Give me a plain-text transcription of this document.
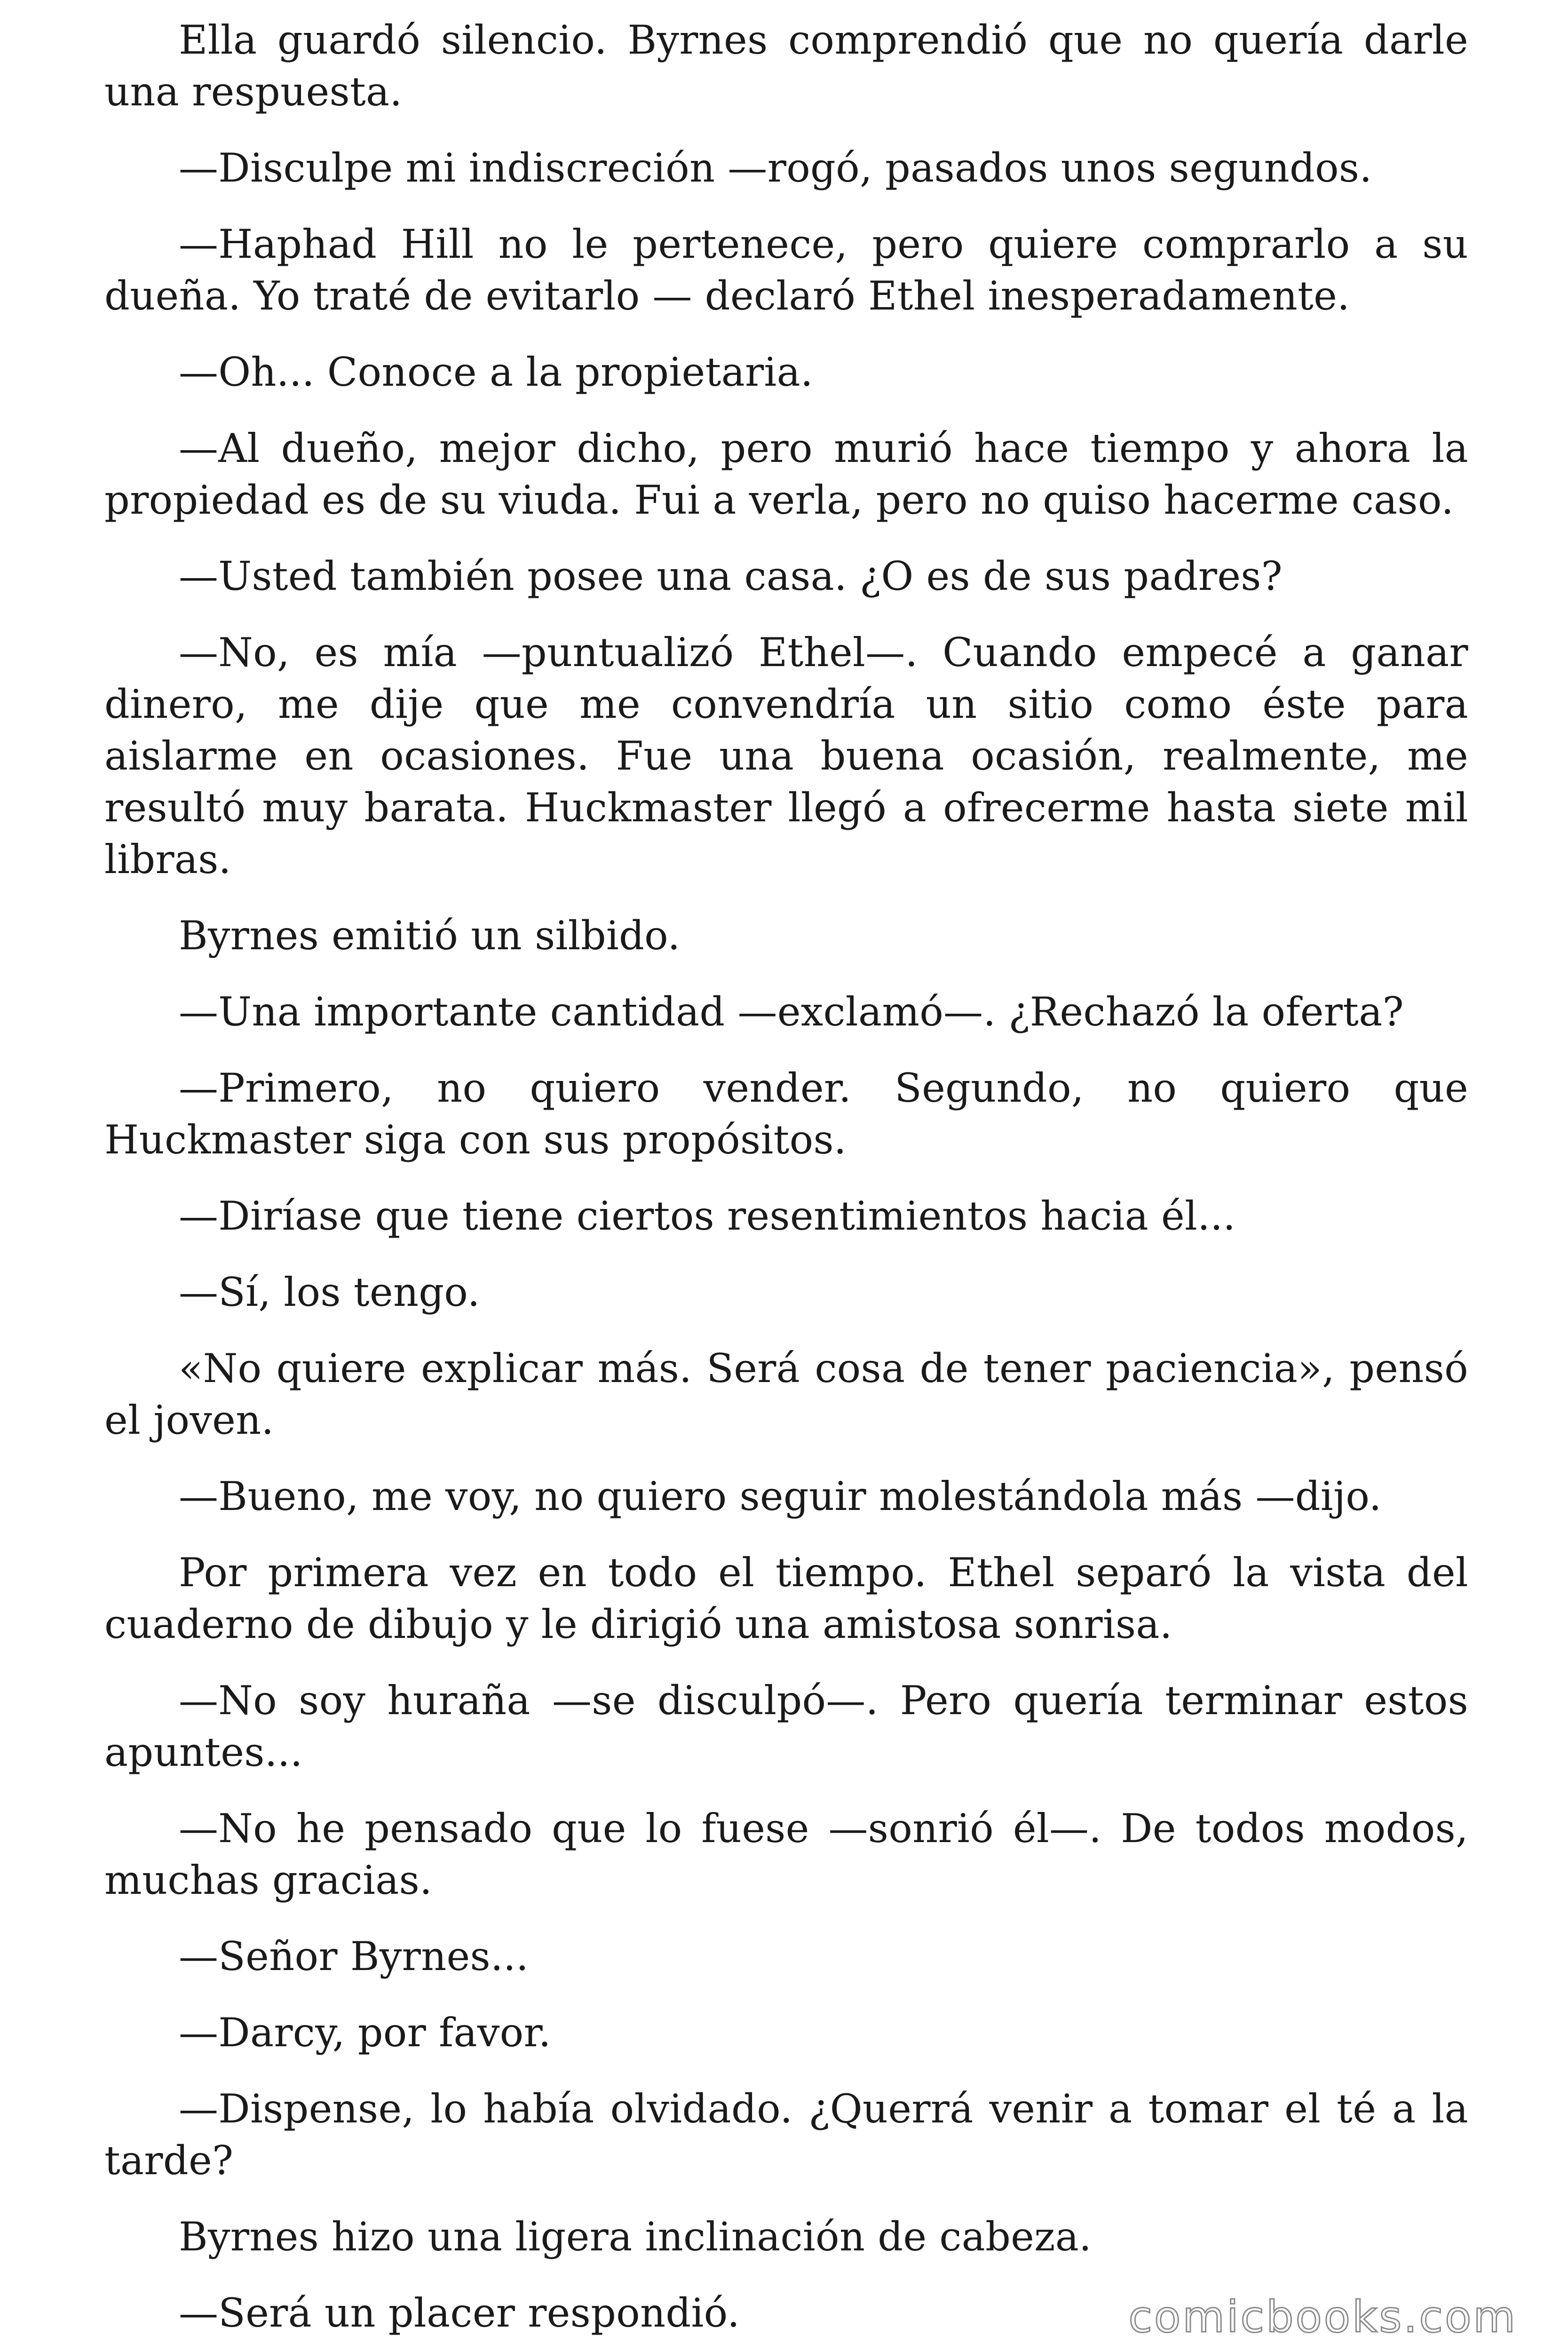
Ella guardó silencio. Byrnes comprendió que no quería darle una respuesta.

—Disculpe mi indiscreción —rogó, pasados unos segundos.

—Haphad Hill no le pertenece, pero quiere comprarlo a su dueña. Yo traté de evitarlo — declaró Ethel inesperadamente.

—Oh... Conoce a la propietaria.

—Al dueño, mejor dicho, pero murió hace tiempo y ahora la propiedad es de su viuda. Fui a verla, pero no quiso hacerme caso.

—Usted también posee una casa. ¿O es de sus padres?

—No, es mía —puntualizó Ethel—. Cuando empecé a ganar dinero, me dije que me convendría un sitio como éste para aislarme en ocasiones. Fue una buena ocasión, realmente, me resultó muy barata. Huckmaster llegó a ofrecerme hasta siete mil libras.

Byrnes emitió un silbido.

—Una importante cantidad —exclamó—. ¿Rechazó la oferta?

—Primero, no quiero vender. Segundo, no quiero que Huckmaster siga con sus propósitos.

—Diríase que tiene ciertos resentimientos hacia él...

—Sí, los tengo.

«No quiere explicar más. Será cosa de tener paciencia», pensó el joven.

—Bueno, me voy, no quiero seguir molestándola más —dijo.

Por primera vez en todo el tiempo. Ethel separó la vista del cuaderno de dibujo y le dirigió una amistosa sonrisa.

—No soy huraña —se disculpó—. Pero quería terminar estos apuntes...

—No he pensado que lo fuese —sonrió él—. De todos modos, muchas gracias.

—Señor Byrnes...

—Darcy, por favor.

—Dispense, lo había olvidado. ¿Querrá venir a tomar el té a la tarde?

Byrnes hizo una ligera inclinación de cabeza.

—Será un placer respondió.	comicbooks.com
